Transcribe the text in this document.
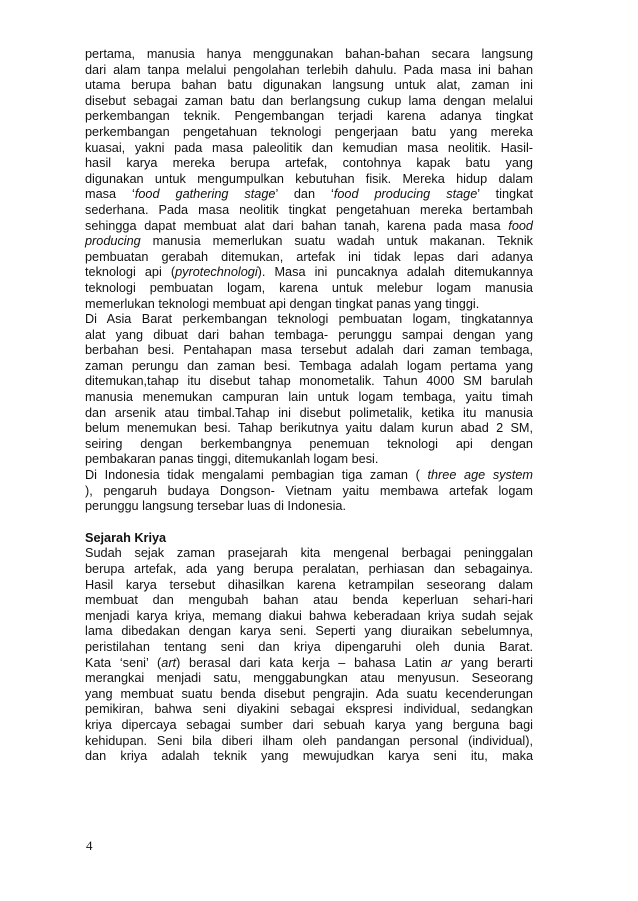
pertama, manusia hanya menggunakan bahan-bahan secara langsung
dari alam tanpa melalui pengolahan terlebih dahulu. Pada masa ini bahan
utama berupa bahan batu digunakan langsung untuk alat, zaman ini
disebut sebagai zaman batu dan berlangsung cukup lama dengan melalui
perkembangan teknik. Pengembangan terjadi karena adanya tingkat
perkembangan pengetahuan teknologi pengerjaan batu yang mereka
kuasai, yakni pada masa paleolitik dan kemudian masa neolitik. Hasil-
hasil karya mereka berupa artefak, contohnya kapak batu yang
digunakan untuk mengumpulkan kebutuhan fisik. Mereka hidup dalam
masa ‘food gathering stage’ dan ‘food producing stage’ tingkat
sederhana. Pada masa neolitik tingkat pengetahuan mereka bertambah
sehingga dapat membuat alat dari bahan tanah, karena pada masa food
producing manusia memerlukan suatu wadah untuk makanan. Teknik
pembuatan gerabah ditemukan, artefak ini tidak lepas dari adanya
teknologi api (pyrotechnologi). Masa ini puncaknya adalah ditemukannya
teknologi pembuatan logam, karena untuk melebur logam manusia
memerlukan teknologi membuat api dengan tingkat panas yang tinggi.
Di Asia Barat perkembangan teknologi pembuatan logam, tingkatannya
alat yang dibuat dari bahan tembaga- perunggu sampai dengan yang
berbahan besi. Pentahapan masa tersebut adalah dari zaman tembaga,
zaman perungu dan zaman besi. Tembaga adalah logam pertama yang
ditemukan,tahap itu disebut tahap monometalik. Tahun 4000 SM barulah
manusia menemukan campuran lain untuk logam tembaga, yaitu timah
dan arsenik atau timbal.Tahap ini disebut polimetalik, ketika itu manusia
belum menemukan besi. Tahap berikutnya yaitu dalam kurun abad 2 SM,
seiring dengan berkembangnya penemuan teknologi api dengan
pembakaran panas tinggi, ditemukanlah logam besi.
Di Indonesia tidak mengalami pembagian tiga zaman ( three age system
), pengaruh budaya Dongson- Vietnam yaitu membawa artefak logam
perunggu langsung tersebar luas di Indonesia.
Sejarah Kriya
Sudah sejak zaman prasejarah kita mengenal berbagai peninggalan
berupa artefak, ada yang berupa peralatan, perhiasan dan sebagainya.
Hasil karya tersebut dihasilkan karena ketrampilan seseorang dalam
membuat dan mengubah bahan atau benda keperluan sehari-hari
menjadi karya kriya, memang diakui bahwa keberadaan kriya sudah sejak
lama dibedakan dengan karya seni. Seperti yang diuraikan sebelumnya,
peristilahan tentang seni dan kriya dipengaruhi oleh dunia Barat.
Kata ‘seni’ (art) berasal dari kata kerja – bahasa Latin ar yang berarti
merangkai menjadi satu, menggabungkan atau menyusun. Seseorang
yang membuat suatu benda disebut pengrajin. Ada suatu kecenderungan
pemikiran, bahwa seni diyakini sebagai ekspresi individual, sedangkan
kriya dipercaya sebagai sumber dari sebuah karya yang berguna bagi
kehidupan. Seni bila diberi ilham oleh pandangan personal (individual),
dan kriya adalah teknik yang mewujudkan karya seni itu, maka
4
